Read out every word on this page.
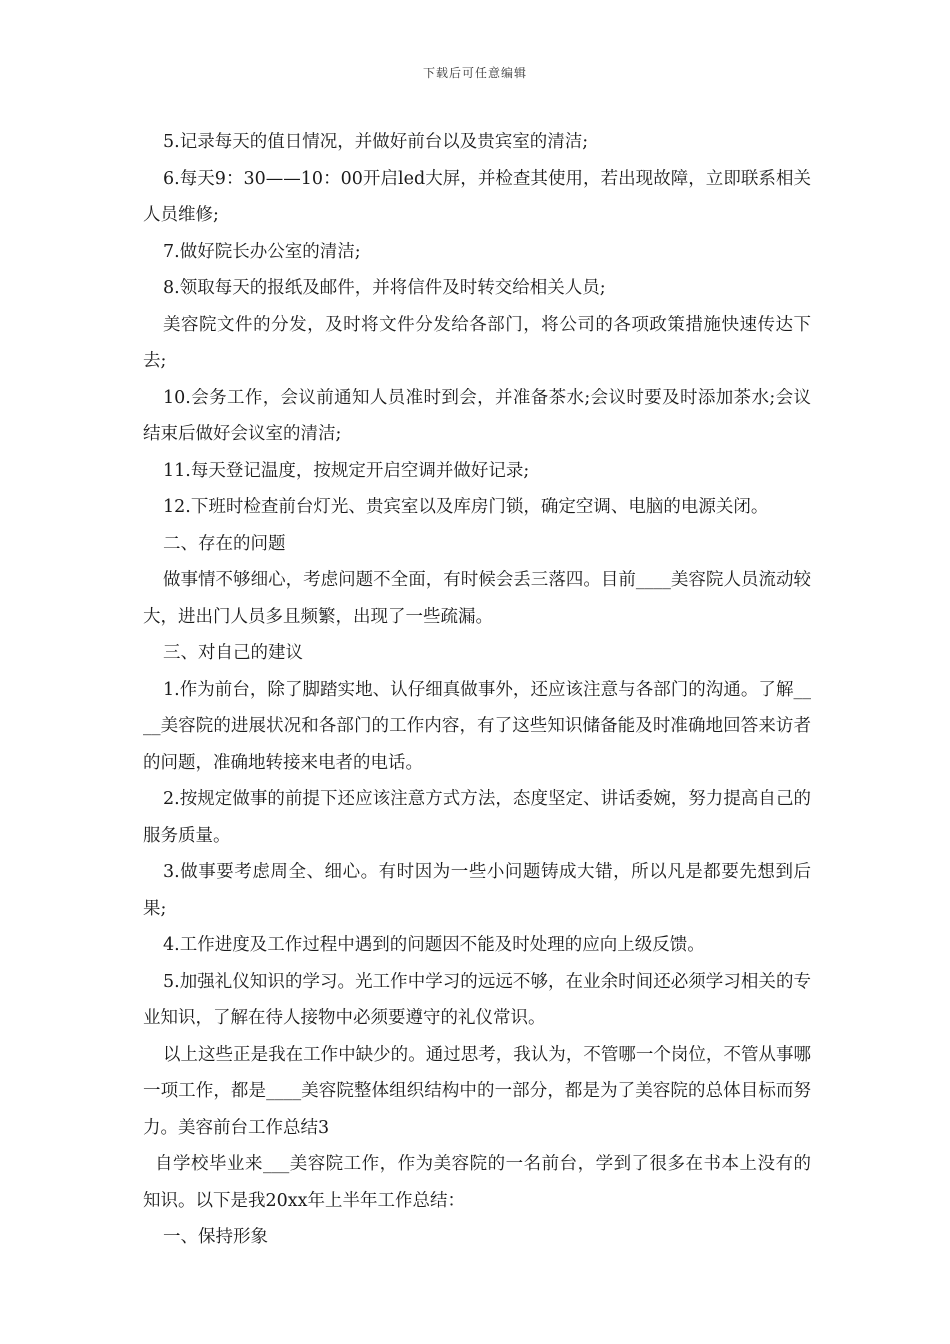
下载后可任意编辑

5.记录每天的值日情况，并做好前台以及贵宾室的清洁;

6.每天9：30——10：00开启led大屏，并检查其使用，若出现故障，立即联系相关人员维修;

7.做好院长办公室的清洁;

8.领取每天的报纸及邮件，并将信件及时转交给相关人员;

美容院文件的分发，及时将文件分发给各部门，将公司的各项政策措施快速传达下去;

10.会务工作，会议前通知人员准时到会，并准备茶水;会议时要及时添加茶水;会议结束后做好会议室的清洁;

11.每天登记温度，按规定开启空调并做好记录;

12.下班时检查前台灯光、贵宾室以及库房门锁，确定空调、电脑的电源关闭。

二、存在的问题

做事情不够细心，考虑问题不全面，有时候会丢三落四。目前____美容院人员流动较大，进出门人员多且频繁，出现了一些疏漏。

三、对自己的建议

1.作为前台，除了脚踏实地、认仔细真做事外，还应该注意与各部门的沟通。了解____美容院的进展状况和各部门的工作内容，有了这些知识储备能及时准确地回答来访者的问题，准确地转接来电者的电话。

2.按规定做事的前提下还应该注意方式方法，态度坚定、讲话委婉，努力提高自己的服务质量。

3.做事要考虑周全、细心。有时因为一些小问题铸成大错，所以凡是都要先想到后果;

4.工作进度及工作过程中遇到的问题因不能及时处理的应向上级反馈。

5.加强礼仪知识的学习。光工作中学习的远远不够，在业余时间还必须学习相关的专业知识，了解在待人接物中必须要遵守的礼仪常识。

以上这些正是我在工作中缺少的。通过思考，我认为，不管哪一个岗位，不管从事哪一项工作，都是____美容院整体组织结构中的一部分，都是为了美容院的总体目标而努力。美容前台工作总结3

自学校毕业来___美容院工作，作为美容院的一名前台，学到了很多在书本上没有的知识。以下是我20xx年上半年工作总结：

一、保持形象
